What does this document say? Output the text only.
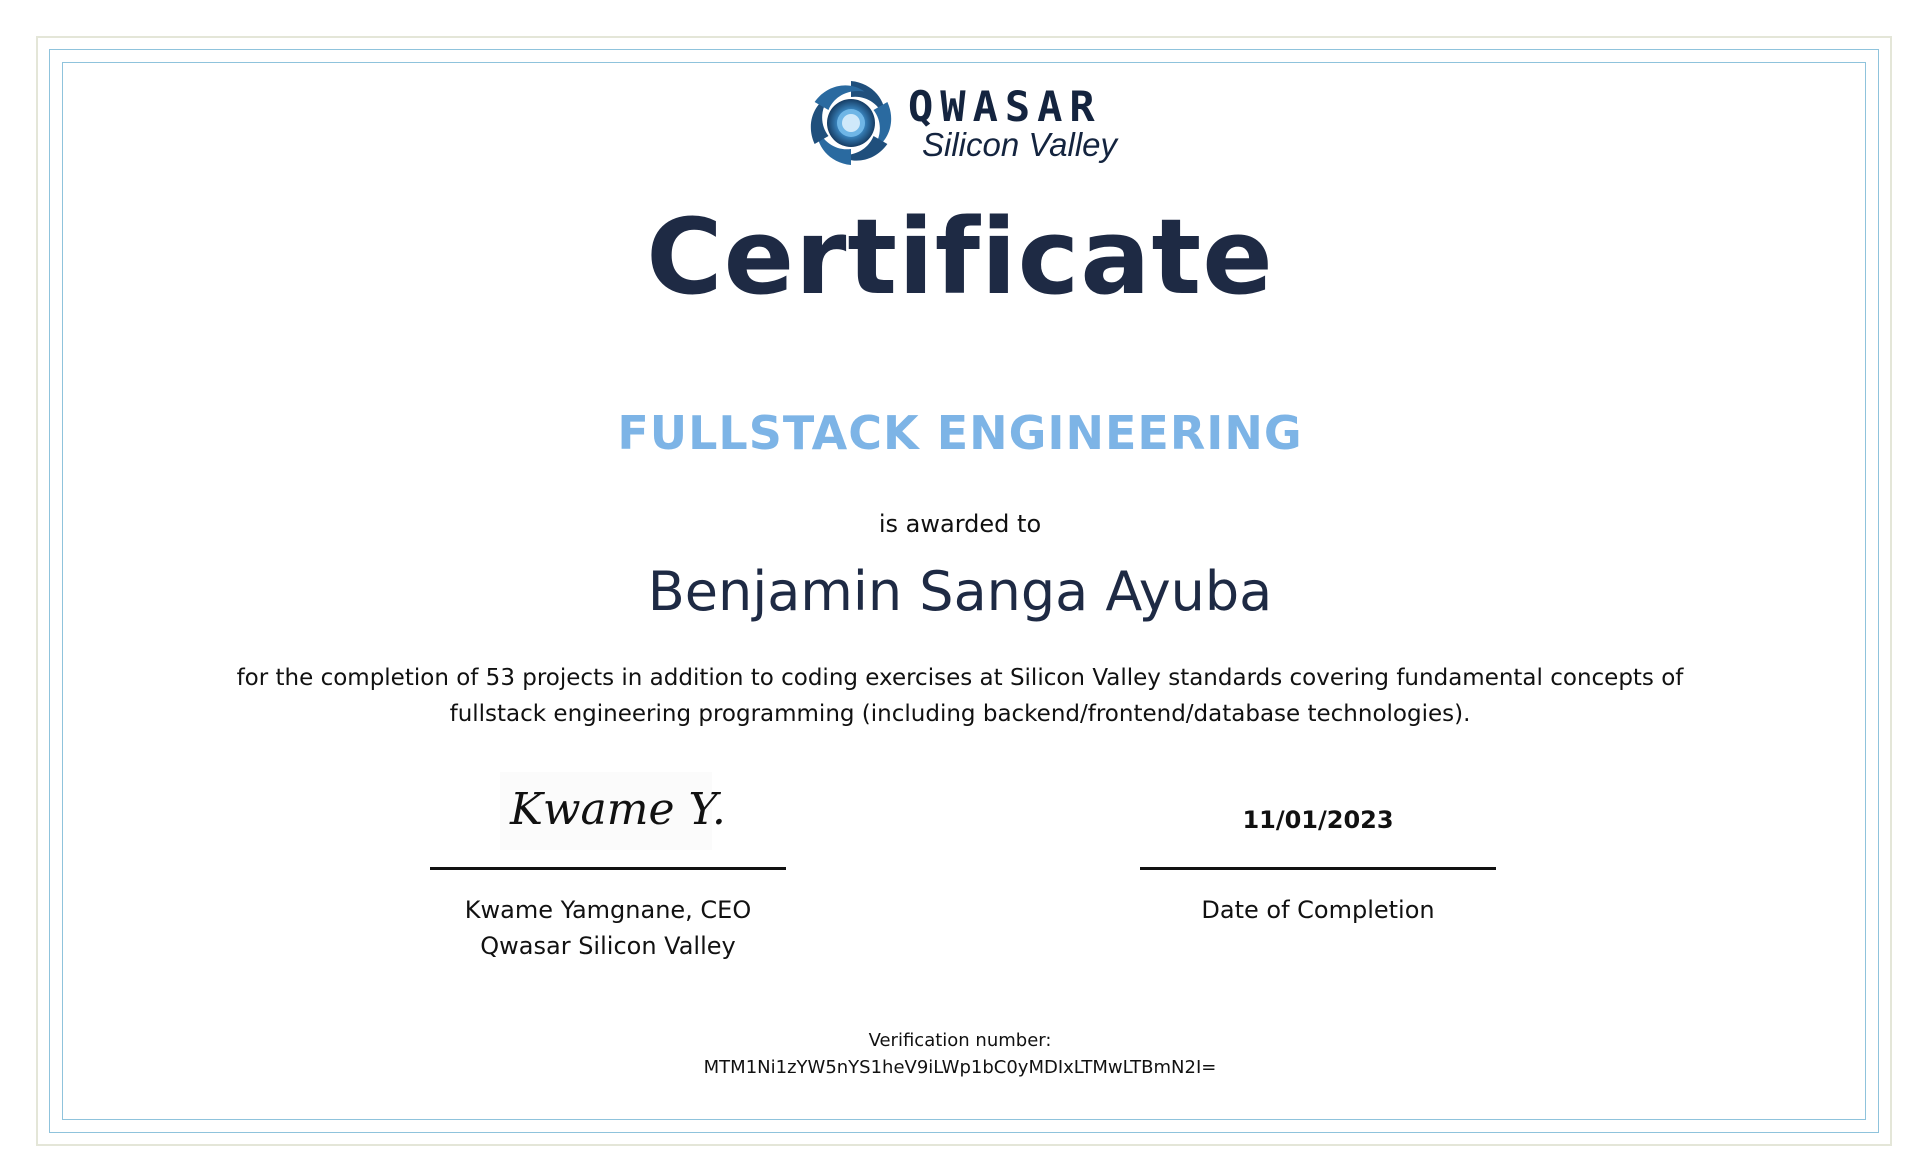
QWASAR
Silicon Valley
Certificate
FULLSTACK ENGINEERING
is awarded to
Benjamin Sanga Ayuba
for the completion of 53 projects in addition to coding exercises at Silicon Valley standards covering fundamental concepts of fullstack engineering programming (including backend/frontend/database technologies).
Kwame Y.
Kwame Yamgnane, CEO
Qwasar Silicon Valley
11/01/2023
Date of Completion
Verification number:
MTM1Ni1zYW5nYS1heV9iLWp1bC0yMDIxLTMwLTBmN2I=
